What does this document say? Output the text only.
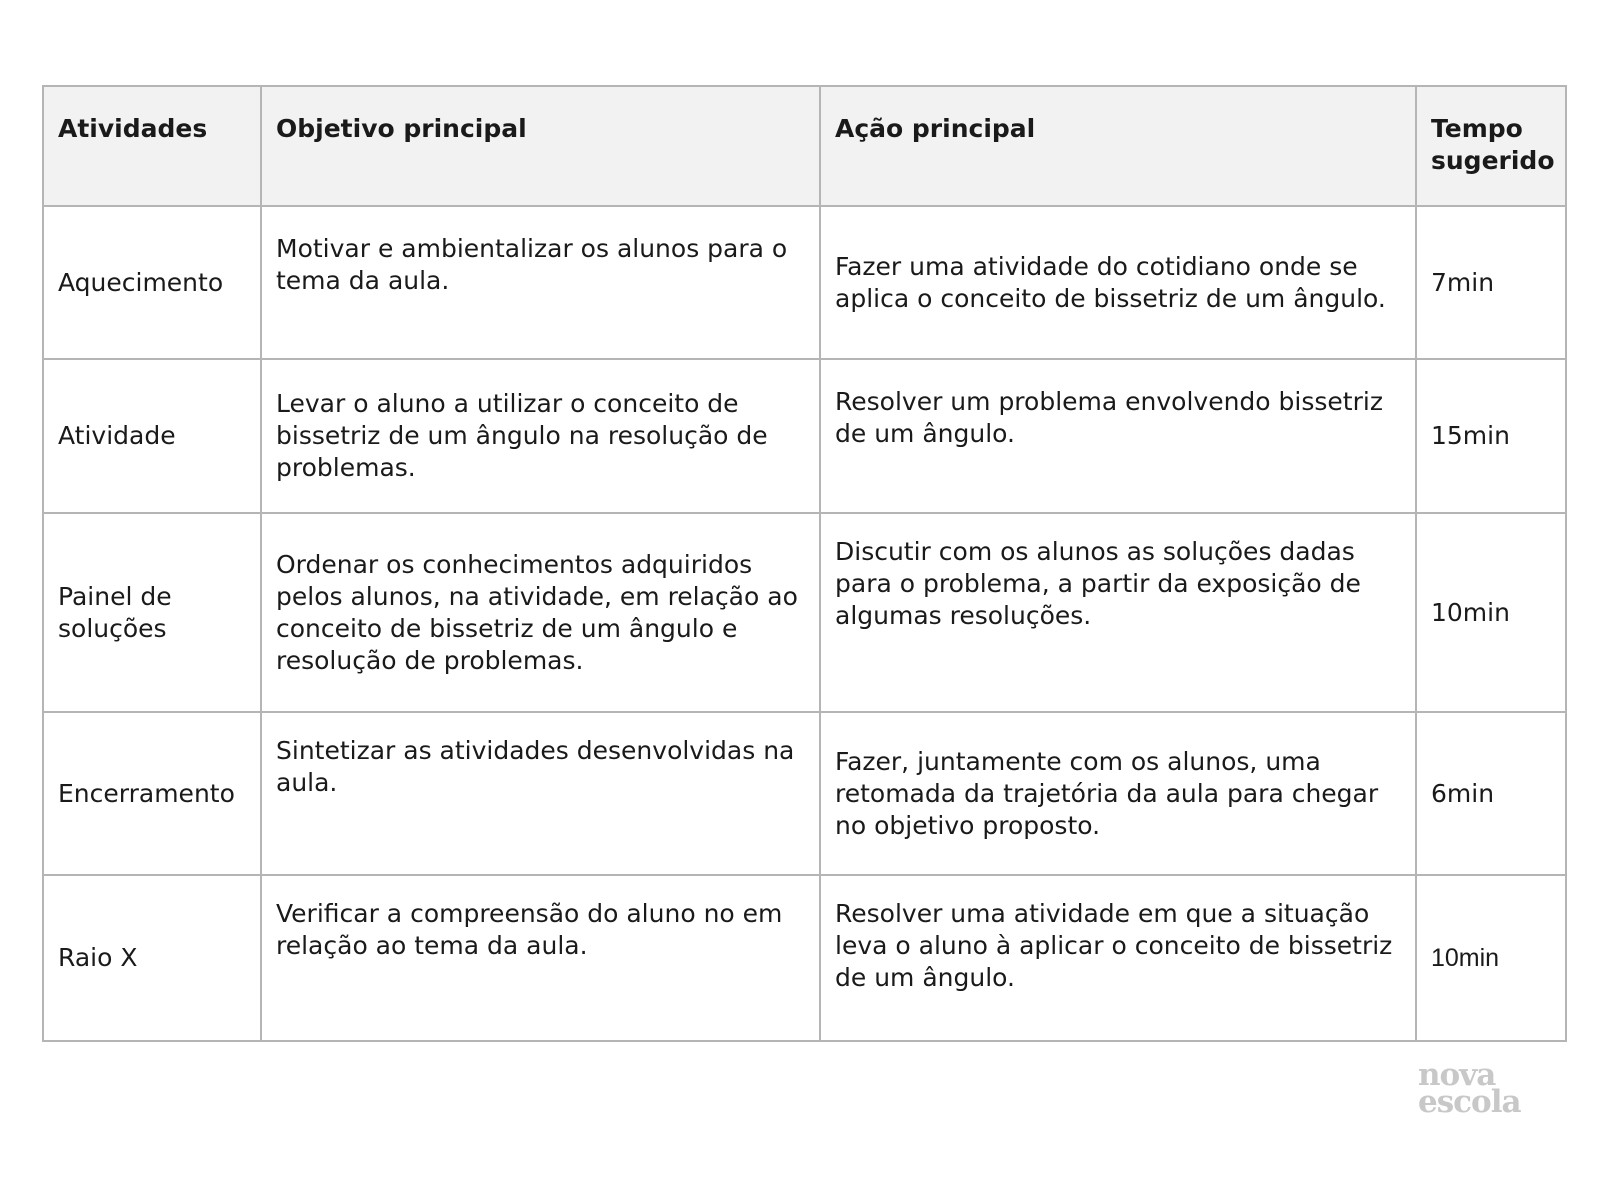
Atividades	Objetivo principal	Ação principal	Tempo sugerido
Aquecimento	Motivar e ambientalizar os alunos para o tema da aula.	Fazer uma atividade do cotidiano onde se aplica o conceito de bissetriz de um ângulo.	7min
Atividade	Levar o aluno a utilizar o conceito de bissetriz de um ângulo na resolução de problemas.	Resolver um problema envolvendo bissetriz de um ângulo.	15min
Painel de soluções	Ordenar os conhecimentos adquiridos pelos alunos, na atividade, em relação ao conceito de bissetriz de um ângulo e resolução de problemas.	Discutir com os alunos as soluções dadas para o problema, a partir da exposição de algumas resoluções.	10min
Encerramento	Sintetizar as atividades desenvolvidas na aula.	Fazer, juntamente com os alunos, uma retomada da trajetória da aula para chegar no objetivo proposto.	6min
Raio X	Verificar a compreensão do aluno no em relação ao tema da aula.	Resolver uma atividade em que a situação leva o aluno à aplicar o conceito de bissetriz de um ângulo.	10min
nova
escola
